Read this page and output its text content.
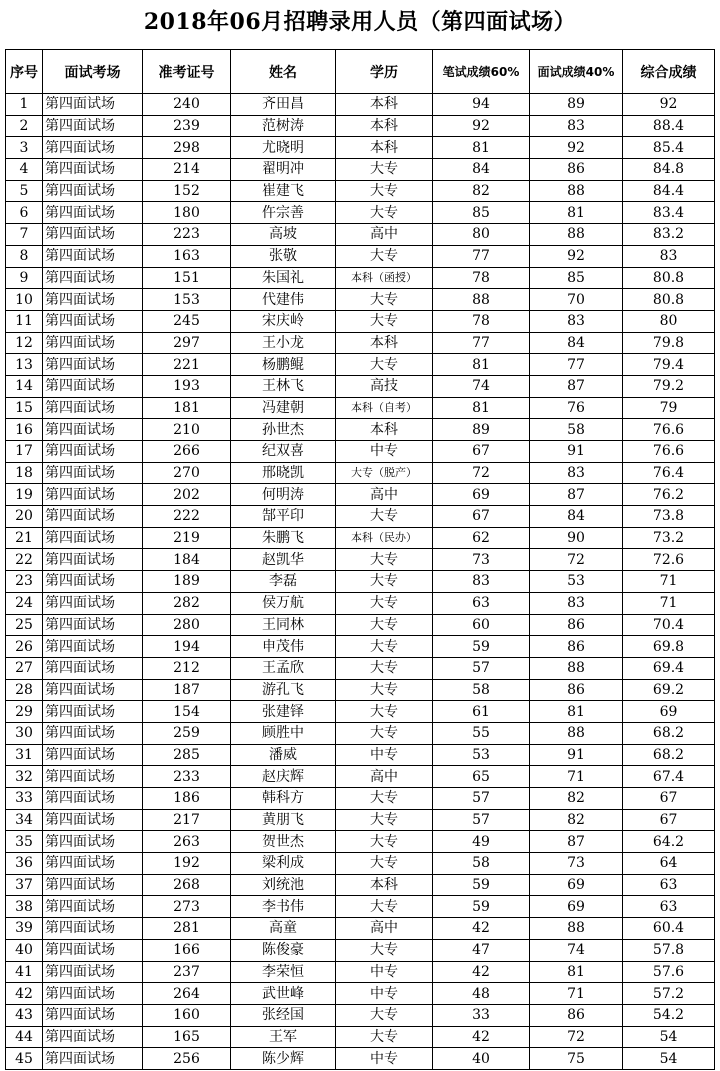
2018年06月招聘录用人员（第四面试场）
序号	面试考场	准考证号	姓名	学历	笔试成绩60%	面试成绩40%	综合成绩
1	第四面试场	240	齐田昌	本科	94	89	92
2	第四面试场	239	范树涛	本科	92	83	88.4
3	第四面试场	298	尤晓明	本科	81	92	85.4
4	第四面试场	214	翟明冲	大专	84	86	84.8
5	第四面试场	152	崔建飞	大专	82	88	84.4
6	第四面试场	180	仵宗善	大专	85	81	83.4
7	第四面试场	223	高坡	高中	80	88	83.2
8	第四面试场	163	张敬	大专	77	92	83
9	第四面试场	151	朱国礼	本科（函授）	78	85	80.8
10	第四面试场	153	代建伟	大专	88	70	80.8
11	第四面试场	245	宋庆岭	大专	78	83	80
12	第四面试场	297	王小龙	本科	77	84	79.8
13	第四面试场	221	杨鹏鲲	大专	81	77	79.4
14	第四面试场	193	王林飞	高技	74	87	79.2
15	第四面试场	181	冯建朝	本科（自考）	81	76	79
16	第四面试场	210	孙世杰	本科	89	58	76.6
17	第四面试场	266	纪双喜	中专	67	91	76.6
18	第四面试场	270	邢晓凯	大专（脱产）	72	83	76.4
19	第四面试场	202	何明涛	高中	69	87	76.2
20	第四面试场	222	郜平印	大专	67	84	73.8
21	第四面试场	219	朱鹏飞	本科（民办）	62	90	73.2
22	第四面试场	184	赵凯华	大专	73	72	72.6
23	第四面试场	189	李磊	大专	83	53	71
24	第四面试场	282	侯万航	大专	63	83	71
25	第四面试场	280	王同林	大专	60	86	70.4
26	第四面试场	194	申茂伟	大专	59	86	69.8
27	第四面试场	212	王孟欣	大专	57	88	69.4
28	第四面试场	187	游孔飞	大专	58	86	69.2
29	第四面试场	154	张建铎	大专	61	81	69
30	第四面试场	259	顾胜中	大专	55	88	68.2
31	第四面试场	285	潘威	中专	53	91	68.2
32	第四面试场	233	赵庆辉	高中	65	71	67.4
33	第四面试场	186	韩科方	大专	57	82	67
34	第四面试场	217	黄朋飞	大专	57	82	67
35	第四面试场	263	贺世杰	大专	49	87	64.2
36	第四面试场	192	梁利成	大专	58	73	64
37	第四面试场	268	刘统池	本科	59	69	63
38	第四面试场	273	李书伟	大专	59	69	63
39	第四面试场	281	高童	高中	42	88	60.4
40	第四面试场	166	陈俊豪	大专	47	74	57.8
41	第四面试场	237	李荣恒	中专	42	81	57.6
42	第四面试场	264	武世峰	中专	48	71	57.2
43	第四面试场	160	张经国	大专	33	86	54.2
44	第四面试场	165	王军	大专	42	72	54
45	第四面试场	256	陈少辉	中专	40	75	54
